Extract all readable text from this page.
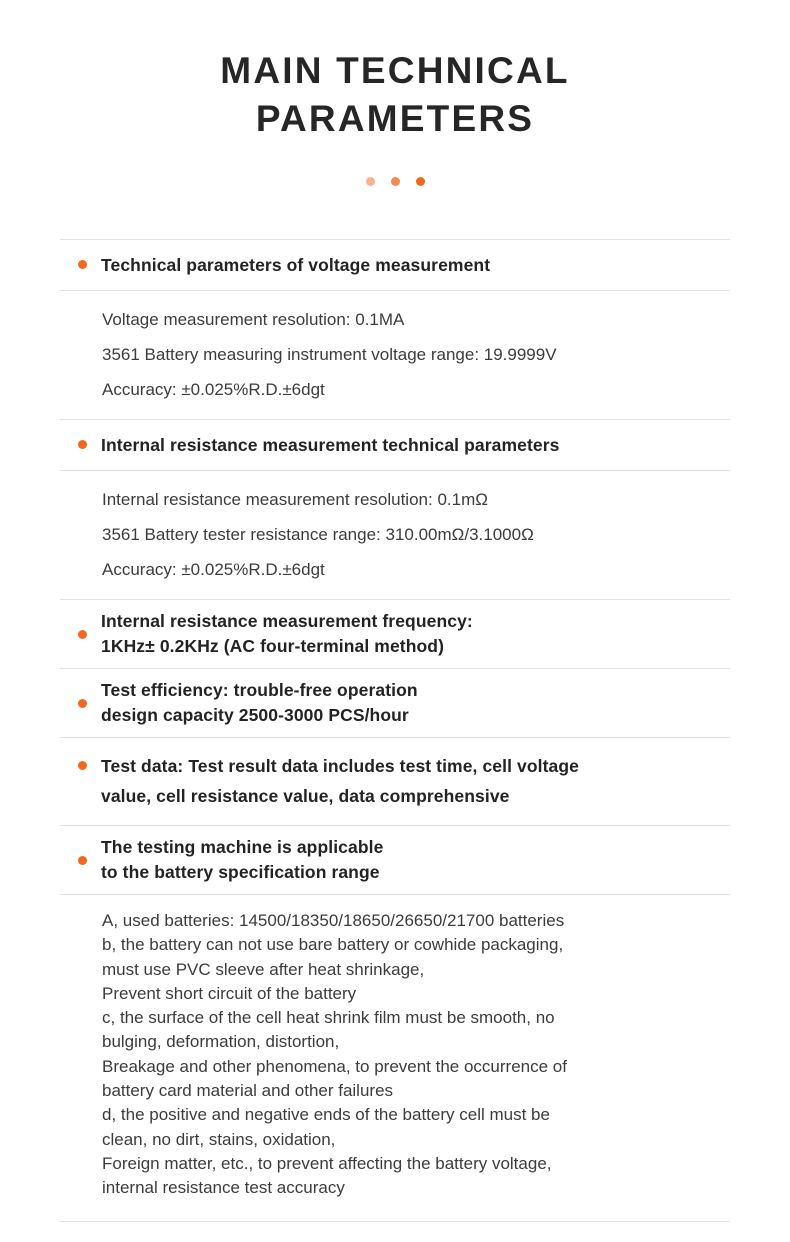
MAIN TECHNICAL PARAMETERS
Technical parameters of voltage measurement
Voltage measurement resolution: 0.1MA
3561 Battery measuring instrument voltage range: 19.9999V
Accuracy: ±0.025%R.D.±6dgt
Internal resistance measurement technical parameters
Internal resistance measurement resolution: 0.1mΩ
3561 Battery tester resistance range: 310.00mΩ/3.1000Ω
Accuracy: ±0.025%R.D.±6dgt
Internal resistance measurement frequency:
1KHz± 0.2KHz (AC four-terminal method)
Test efficiency: trouble-free operation
design capacity 2500-3000 PCS/hour
Test data: Test result data includes test time, cell voltage
value, cell resistance value, data comprehensive
The testing machine is applicable
to the battery specification range
A, used batteries: 14500/18350/18650/26650/21700 batteries
b, the battery can not use bare battery or cowhide packaging,
must use PVC sleeve after heat shrinkage,
Prevent short circuit of the battery
c, the surface of the cell heat shrink film must be smooth, no
bulging, deformation, distortion,
Breakage and other phenomena, to prevent the occurrence of
battery card material and other failures
d, the positive and negative ends of the battery cell must be
clean, no dirt, stains, oxidation,
Foreign matter, etc., to prevent affecting the battery voltage,
internal resistance test accuracy
